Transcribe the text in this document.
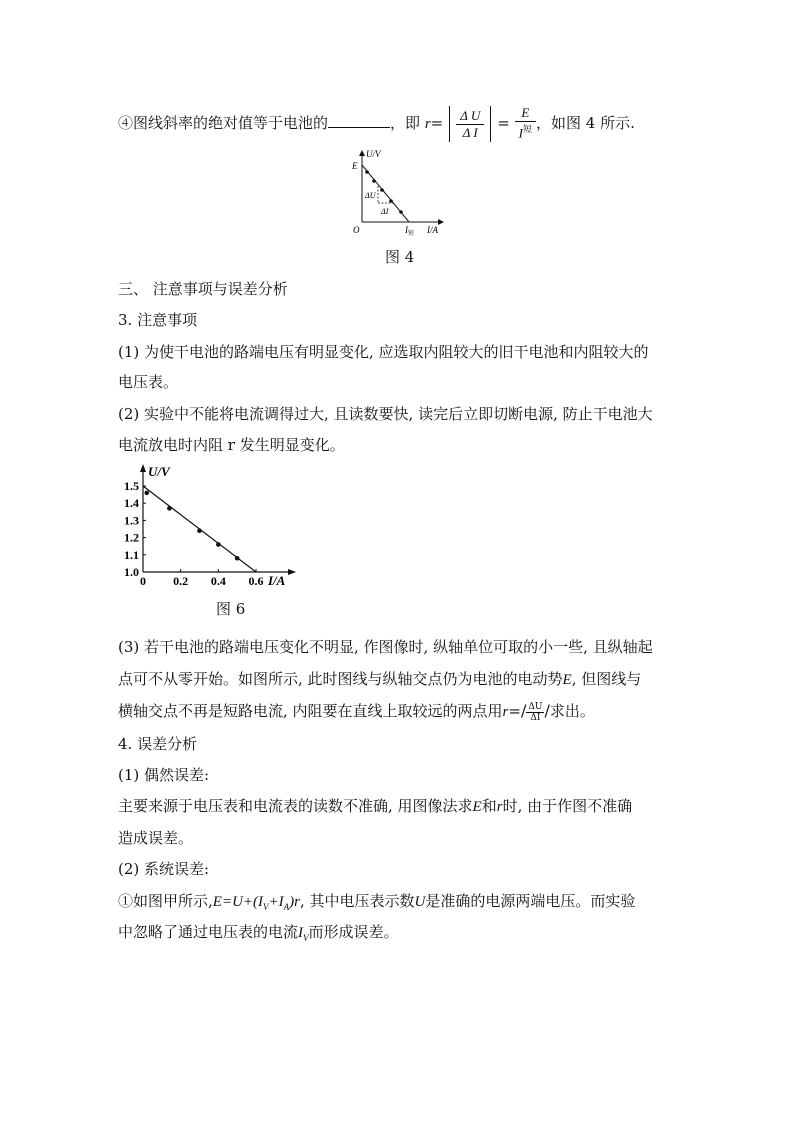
④图线斜率的绝对值等于电池的	，即 $r= \frac{\text{Δ U}}{\text{Δ I}} = \frac{E}{I^短}$ ，如图 4 所示.
U/V
E
O
ΔU
ΔI
$I_短$ I/A
图 4
三、 注意事项与误差分析
3. 注意事项
(1) 为使干电池的路端电压有明显变化, 应选取内阻较大的旧干电池和内阻较大的
电压表。
(2) 实验中不能将电流调得过大, 且读数要快, 读完后立即切断电源, 防止干电池大
电流放电时内阻 r 发生明显变化。
1.0
1.1
1.2
1.3
1.4
1.5
0 0.2 0.4 0.6
U/V
I/A
图 6
(3) 若干电池的路端电压变化不明显, 作图像时, 纵轴单位可取的小一些, 且纵轴起
点可不从零开始。如图所示, 此时图线与纵轴交点仍为电池的电动势E, 但图线与
横轴交点不再是短路电流, 内阻要在直线上取较远的两点用$r=/ \frac{\Delta U}{\Delta I}$ /求出。
4. 误差分析
(1) 偶然误差:
主要来源于电压表和电流表的读数不准确, 用图像法求E和r时, 由于作图不准确
造成误差。
(2) 系统误差:
①如图甲所示$,E=U+(I_V+I_A)r$, 其中电压表示数U是准确的电源两端电压。而实验
中忽略了通过电压表的电流$I_V$而形成误差。
